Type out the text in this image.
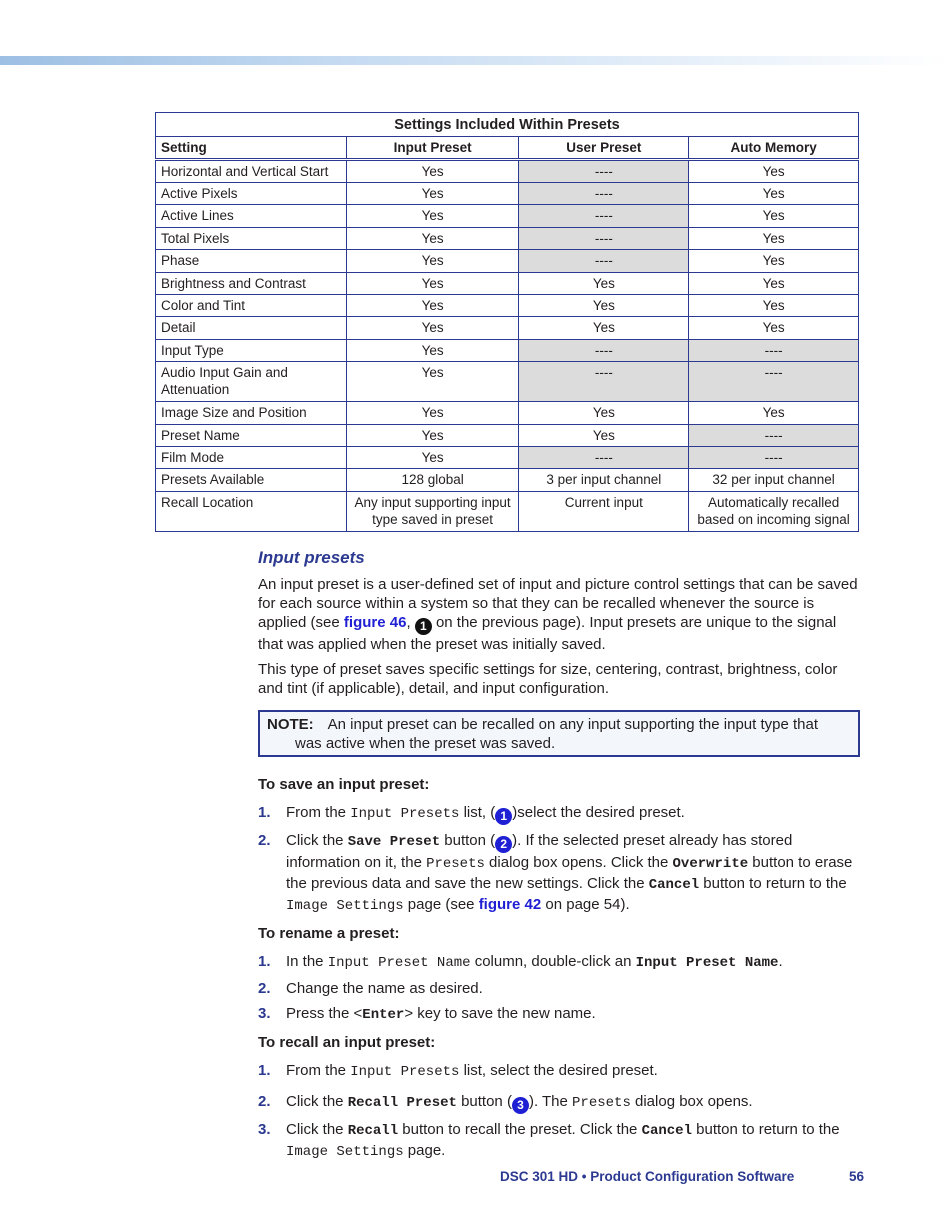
Settings Included Within Presets			
Setting	Input Preset	User Preset	Auto Memory
Horizontal and Vertical Start	Yes	----	Yes
Active Pixels	Yes	----	Yes
Active Lines	Yes	----	Yes
Total Pixels	Yes	----	Yes
Phase	Yes	----	Yes
Brightness and Contrast	Yes	Yes	Yes
Color and Tint	Yes	Yes	Yes
Detail	Yes	Yes	Yes
Input Type	Yes	----	----
Audio Input Gain and Attenuation	Yes	----	----
Image Size and Position	Yes	Yes	Yes
Preset Name	Yes	Yes	----
Film Mode	Yes	----	----
Presets Available	128 global	3 per input channel	32 per input channel
Recall Location	Any input supporting input type saved in preset	Current input	Automatically recalled based on incoming signal
Input presets
An input preset is a user-defined set of input and picture control settings that can be saved for each source within a system so that they can be recalled whenever the source is applied (see figure 46, 1 on the previous page). Input presets are unique to the signal that was applied when the preset was initially saved.
This type of preset saves specific settings for size, centering, contrast, brightness, color and tint (if applicable), detail, and input configuration.
NOTE: An input preset can be recalled on any input supporting the input type that
was active when the preset was saved.
To save an input preset:
1. From the Input Presets list, ( 1 )select the desired preset.
2. Click the Save Preset button ( 2 ). If the selected preset already has stored information on it, the Presets dialog box opens. Click the Overwrite button to erase the previous data and save the new settings. Click the Cancel button to return to the Image Settings page (see figure 42 on page 54).
To rename a preset:
1. In the Input Preset Name column, double-click an Input Preset Name.
2. Change the name as desired.
3. Press the <Enter> key to save the new name.
To recall an input preset:
1. From the Input Presets list, select the desired preset.
2. Click the Recall Preset button ( 3 ). The Presets dialog box opens.
3. Click the Recall button to recall the preset. Click the Cancel button to return to the Image Settings page.
DSC 301 HD • Product Configuration Software	56
